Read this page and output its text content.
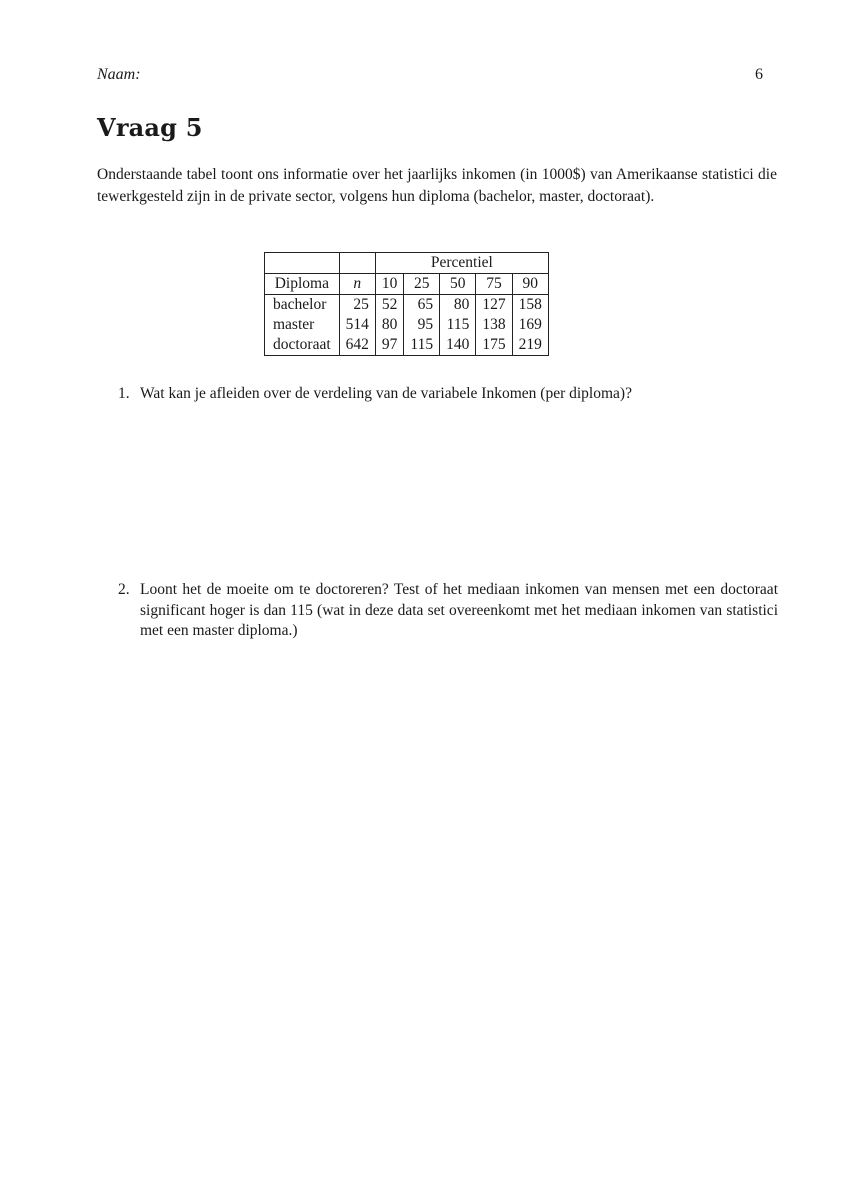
Naam:	6
Vraag 5
Onderstaande tabel toont ons informatie over het jaarlijks inkomen (in 1000$) van Amerikaanse statistici die tewerkgesteld zijn in de private sector, volgens hun diploma (bachelor, master, doctoraat).
		Percentiel				
Diploma	n	10	25	50	75	90
bachelor	25	52	65	80	127	158
master	514	80	95	115	138	169
doctoraat	642	97	115	140	175	219
1. Wat kan je afleiden over de verdeling van de variabele Inkomen (per diploma)?
2. Loont het de moeite om te doctoreren? Test of het mediaan inkomen van mensen met een doctoraat significant hoger is dan 115 (wat in deze data set overeenkomt met het mediaan inkomen van statistici met een master diploma.)
